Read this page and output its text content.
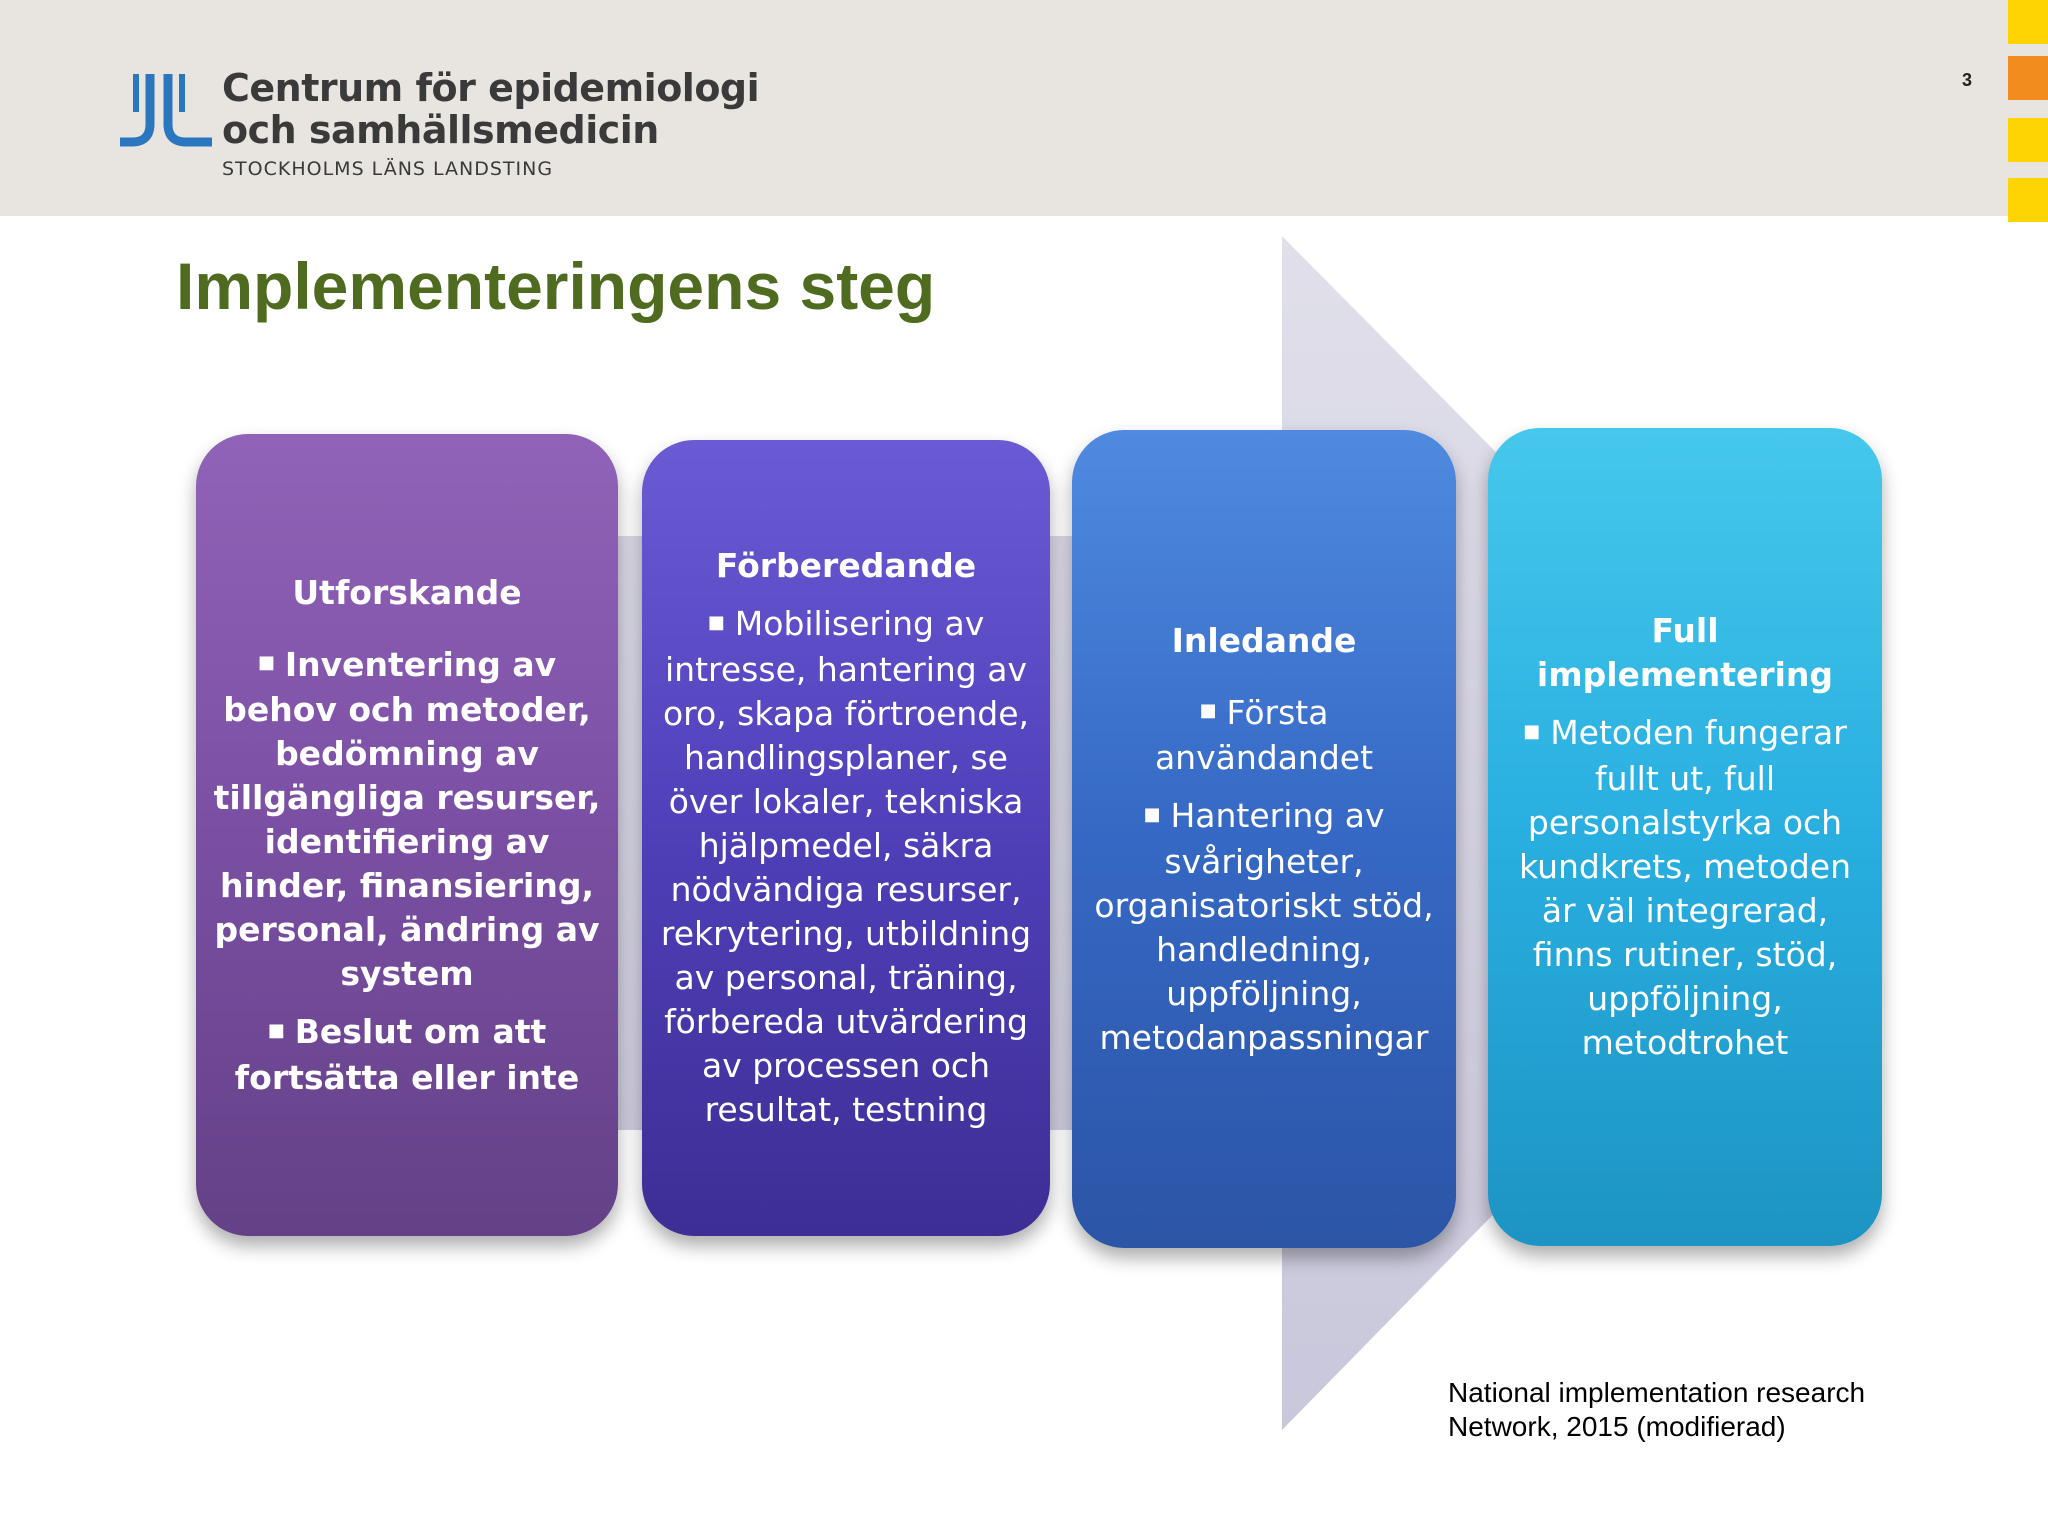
Centrum för epidemiologi
och samhällsmedicin
STOCKHOLMS LÄNS LANDSTING
3
Implementeringens steg
Utforskande
■ Inventering av behov och metoder, bedömning av tillgängliga resurser, identifiering av hinder, finansiering, personal, ändring av system
■ Beslut om att fortsätta eller inte
Förberedande
■ Mobilisering av intresse, hantering av oro, skapa förtroende, handlingsplaner, se över lokaler, tekniska hjälpmedel, säkra nödvändiga resurser, rekrytering, utbildning av personal, träning, förbereda utvärdering av processen och resultat, testning
Inledande
■ Första användandet
■ Hantering av svårigheter, organisatoriskt stöd, handledning, uppföljning, metodanpassningar
Full implementering
■ Metoden fungerar fullt ut, full personalstyrka och kundkrets, metoden är väl integrerad, finns rutiner, stöd, uppföljning, metodtrohet
National implementation research
Network, 2015 (modifierad)
